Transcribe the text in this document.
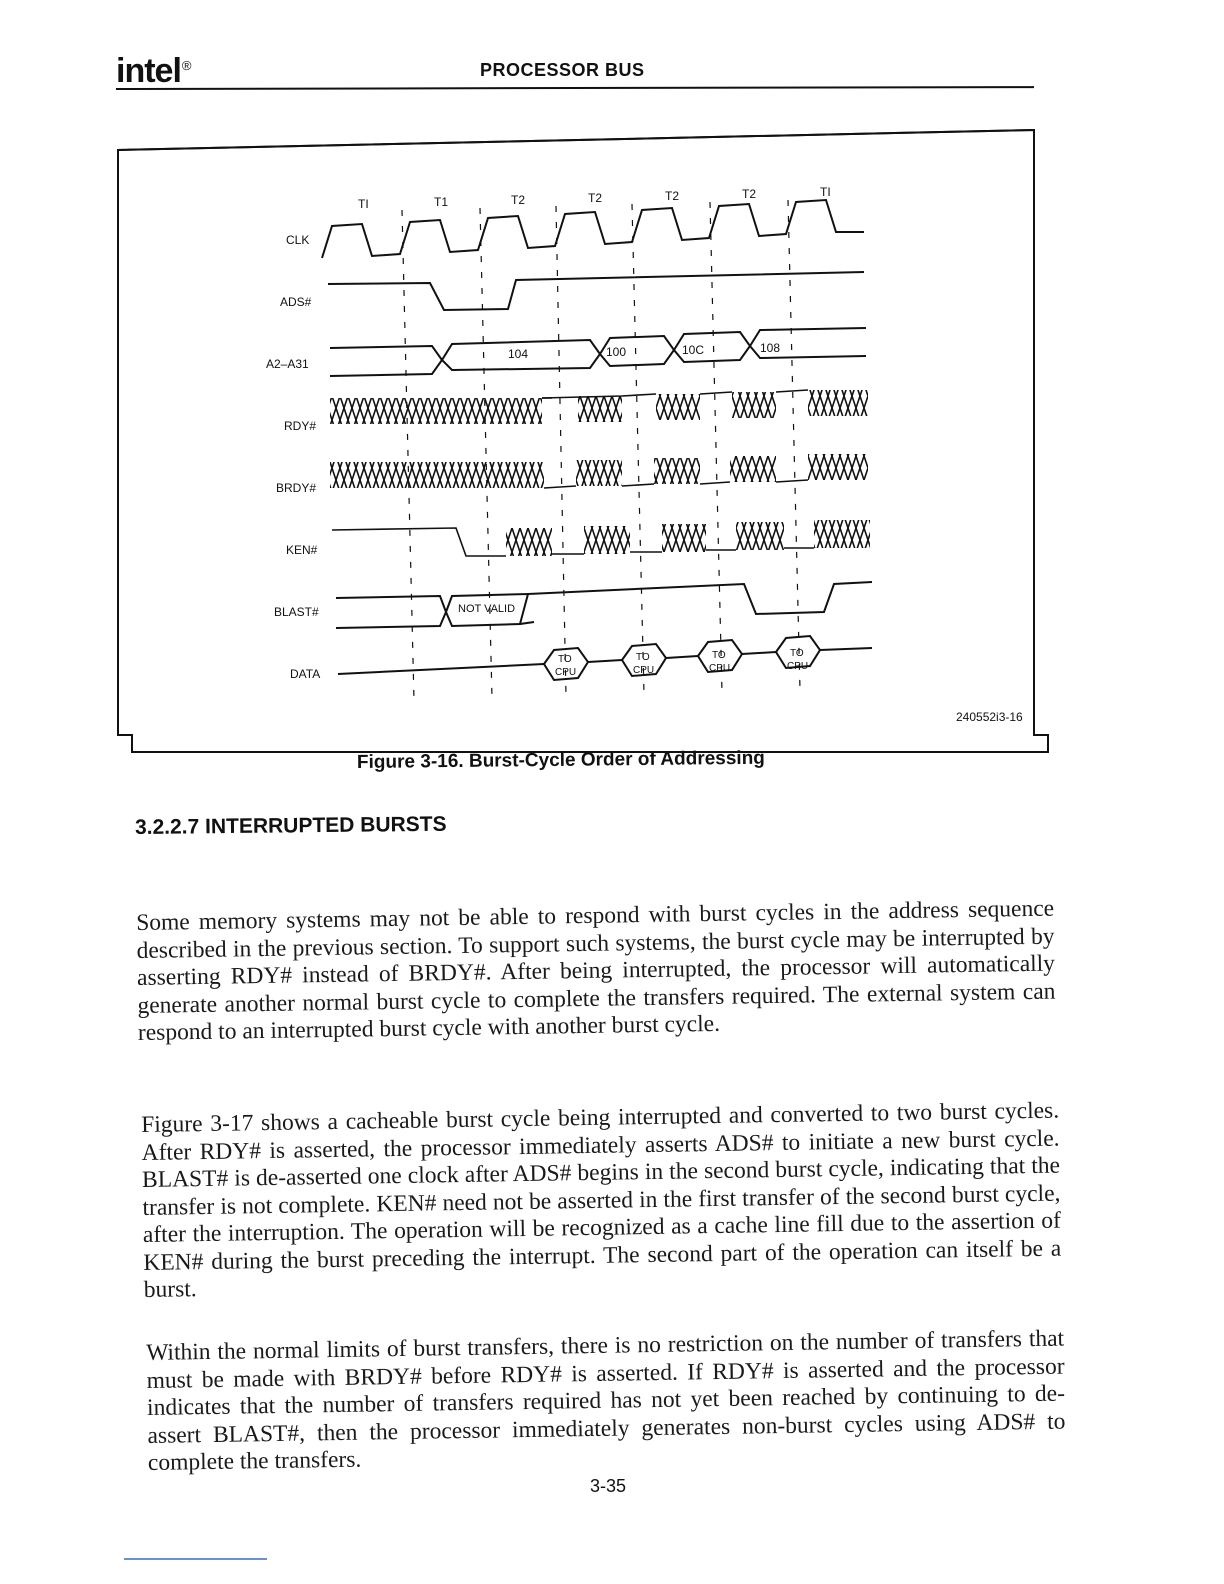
intel®	PROCESSOR BUS
TI	T1	T2	T2	T2	T2	TI
CLK
ADS#
A2–A31
RDY#
BRDY#
KEN#
BLAST#
DATA
104	100	10C	108
NOT VALID
TO
CPU
TO
CPU
TO
CPU
TO
CPU
240552i3-16
Figure 3-16. Burst-Cycle Order of Addressing
3.2.2.7 INTERRUPTED BURSTS

Some memory systems may not be able to respond with burst cycles in the address sequence described in the previous section. To support such systems, the burst cycle may be interrupted by asserting RDY# instead of BRDY#. After being interrupted, the processor will automatically generate another normal burst cycle to complete the transfers required. The external system can respond to an interrupted burst cycle with another burst cycle.

Figure 3-17 shows a cacheable burst cycle being interrupted and converted to two burst cycles. After RDY# is asserted, the processor immediately asserts ADS# to initiate a new burst cycle. BLAST# is de-asserted one clock after ADS# begins in the second burst cycle, indicating that the transfer is not complete. KEN# need not be asserted in the first transfer of the second burst cycle, after the interruption. The operation will be recognized as a cache line fill due to the assertion of KEN# during the burst preceding the interrupt. The second part of the operation can itself be a burst.

Within the normal limits of burst transfers, there is no restriction on the number of transfers that must be made with BRDY# before RDY# is asserted. If RDY# is asserted and the processor indicates that the number of transfers required has not yet been reached by continuing to de-assert BLAST#, then the processor immediately generates non-burst cycles using ADS# to complete the transfers.

3-35
